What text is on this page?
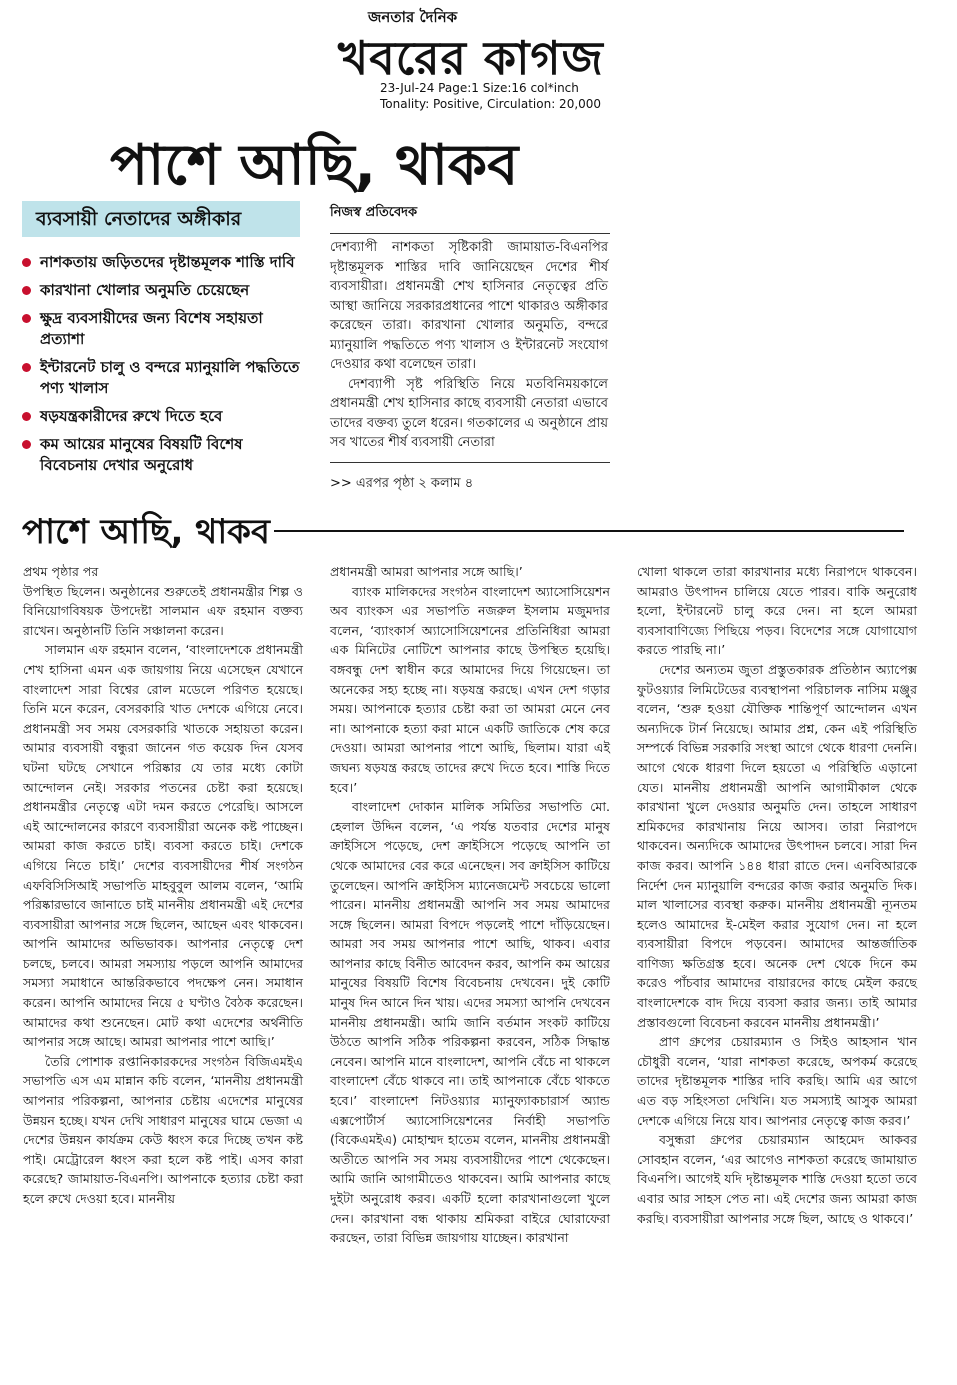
জনতার দৈনিক
খবরের কাগজ
23-Jul-24 Page:1 Size:16 col*inch
Tonality: Positive, Circulation: 20,000
পাশে আছি, থাকব
ব্যবসায়ী নেতাদের অঙ্গীকার
নাশকতায় জড়িতদের দৃষ্টান্তমূলক শাস্তি দাবি
কারখানা খোলার অনুমতি চেয়েছেন
ক্ষুদ্র ব্যবসায়ীদের জন্য বিশেষ সহায়তা প্রত্যাশা
ইন্টারনেট চালু ও বন্দরে ম্যানুয়ালি পদ্ধতিতে পণ্য খালাস
ষড়যন্ত্রকারীদের রুখে দিতে হবে
কম আয়ের মানুষের বিষয়টি বিশেষ বিবেচনায় দেখার অনুরোধ
নিজস্ব প্রতিবেদক

দেশব্যাপী নাশকতা সৃষ্টিকারী জামায়াত-বিএনপির দৃষ্টান্তমূলক শাস্তির দাবি জানিয়েছেন দেশের শীর্ষ ব্যবসায়ীরা। প্রধানমন্ত্রী শেখ হাসিনার নেতৃত্বের প্রতি আস্থা জানিয়ে সরকারপ্রধানের পাশে থাকারও অঙ্গীকার করেছেন তারা। কারখানা খোলার অনুমতি, বন্দরে ম্যানুয়ালি পদ্ধতিতে পণ্য খালাস ও ইন্টারনেট সংযোগ দেওয়ার কথা বলেছেন তারা।

দেশব্যাপী সৃষ্ট পরিস্থিতি নিয়ে মতবিনিময়কালে প্রধানমন্ত্রী শেখ হাসিনার কাছে ব্যবসায়ী নেতারা এভাবে তাদের বক্তব্য তুলে ধরেন। গতকালের এ অনুষ্ঠানে প্রায় সব খাতের শীর্ষ ব্যবসায়ী নেতারা

>> এরপর পৃষ্ঠা ২ কলাম ৪
পাশে আছি, থাকব

প্রথম পৃষ্ঠার পর

উপস্থিত ছিলেন। অনুষ্ঠানের শুরুতেই প্রধানমন্ত্রীর শিল্প ও বিনিয়োগবিষয়ক উপদেষ্টা সালমান এফ রহমান বক্তব্য রাখেন। অনুষ্ঠানটি তিনি সঞ্চালনা করেন।

সালমান এফ রহমান বলেন, ‘বাংলাদেশকে প্রধানমন্ত্রী শেখ হাসিনা এমন এক জায়গায় নিয়ে এসেছেন যেখানে বাংলাদেশ সারা বিশ্বের রোল মডেলে পরিণত হয়েছে। তিনি মনে করেন, বেসরকারি খাত দেশকে এগিয়ে নেবে। প্রধানমন্ত্রী সব সময় বেসরকারি খাতকে সহায়তা করেন। আমার ব্যবসায়ী বন্ধুরা জানেন গত কয়েক দিন যেসব ঘটনা ঘটছে সেখানে পরিষ্কার যে তার মধ্যে কোটা আন্দোলন নেই। সরকার পতনের চেষ্টা করা হয়েছে। প্রধানমন্ত্রীর নেতৃত্বে এটা দমন করতে পেরেছি। আসলে এই আন্দোলনের কারণে ব্যবসায়ীরা অনেক কষ্ট পাচ্ছেন। আমরা কাজ করতে চাই। ব্যবসা করতে চাই। দেশকে এগিয়ে নিতে চাই।’ দেশের ব্যবসায়ীদের শীর্ষ সংগঠন এফবিসিসিআই সভাপতি মাহবুবুল আলম বলেন, ‘আমি পরিষ্কারভাবে জানাতে চাই মাননীয় প্রধানমন্ত্রী এই দেশের ব্যবসায়ীরা আপনার সঙ্গে ছিলেন, আছেন এবং থাকবেন। আপনি আমাদের অভিভাবক। আপনার নেতৃত্বে দেশ চলছে, চলবে। আমরা সমস্যায় পড়লে আপনি আমাদের সমস্যা সমাধানে আন্তরিকভাবে পদক্ষেপ নেন। সমাধান করেন। আপনি আমাদের নিয়ে ৫ ঘণ্টাও বৈঠক করেছেন। আমাদের কথা শুনেছেন। মোট কথা এদেশের অর্থনীতি আপনার সঙ্গে আছে। আমরা আপনার পাশে আছি।’

তৈরি পোশাক রপ্তানিকারকদের সংগঠন বিজিএমইএ সভাপতি এস এম মান্নান কচি বলেন, ‘মাননীয় প্রধানমন্ত্রী আপনার পরিকল্পনা, আপনার চেষ্টায় এদেশের মানুষের উন্নয়ন হচ্ছে। যখন দেখি সাধারণ মানুষের ঘামে ভেজা এ দেশের উন্নয়ন কার্যক্রম কেউ ধ্বংস করে দিচ্ছে তখন কষ্ট পাই। মেট্রোরেল ধ্বংস করা হলে কষ্ট পাই। এসব কারা করেছে? জামায়াত-বিএনপি। আপনাকে হত্যার চেষ্টা করা হলে রুখে দেওয়া হবে। মাননীয়

প্রধানমন্ত্রী আমরা আপনার সঙ্গে আছি।’

ব্যাংক মালিকদের সংগঠন বাংলাদেশ অ্যাসোসিয়েশন অব ব্যাংকস এর সভাপতি নজরুল ইসলাম মজুমদার বলেন, ‘ব্যাংকার্স অ্যাসোসিয়েশনের প্রতিনিধিরা আমরা এক মিনিটের নোটিশে আপনার কাছে উপস্থিত হয়েছি। বঙ্গবন্ধু দেশ স্বাধীন করে আমাদের দিয়ে গিয়েছেন। তা অনেকের সহ্য হচ্ছে না। ষড়যন্ত্র করছে। এখন দেশ গড়ার সময়। আপনাকে হত্যার চেষ্টা করা তা আমরা মেনে নেব না। আপনাকে হত্যা করা মানে একটি জাতিকে শেষ করে দেওয়া। আমরা আপনার পাশে আছি, ছিলাম। যারা এই জঘন্য ষড়যন্ত্র করছে তাদের রুখে দিতে হবে। শাস্তি দিতে হবে।’

বাংলাদেশ দোকান মালিক সমিতির সভাপতি মো. হেলাল উদ্দিন বলেন, ‘এ পর্যন্ত যতবার দেশের মানুষ ক্রাইসিসে পড়েছে, দেশ ক্রাইসিসে পড়েছে আপনি তা থেকে আমাদের বের করে এনেছেন। সব ক্রাইসিস কাটিয়ে তুলেছেন। আপনি ক্রাইসিস ম্যানেজমেন্ট সবচেয়ে ভালো পারেন। মাননীয় প্রধানমন্ত্রী আপনি সব সময় আমাদের সঙ্গে ছিলেন। আমরা বিপদে পড়লেই পাশে দাঁড়িয়েছেন। আমরা সব সময় আপনার পাশে আছি, থাকব। এবার আপনার কাছে বিনীত আবেদন করব, আপনি কম আয়ের মানুষের বিষয়টি বিশেষ বিবেচনায় দেখবেন। দুই কোটি মানুষ দিন আনে দিন খায়। এদের সমস্যা আপনি দেখবেন মাননীয় প্রধানমন্ত্রী। আমি জানি বর্তমান সংকট কাটিয়ে উঠতে আপনি সঠিক পরিকল্পনা করবেন, সঠিক সিদ্ধান্ত নেবেন। আপনি মানে বাংলাদেশ, আপনি বেঁচে না থাকলে বাংলাদেশ বেঁচে থাকবে না। তাই আপনাকে বেঁচে থাকতে হবে।’ বাংলাদেশ নিটওয়্যার ম্যানুফ্যাকচারার্স অ্যান্ড এক্সপোর্টার্স অ্যাসোসিয়েশনের নির্বাহী সভাপতি (বিকেএমইএ) মোহাম্মদ হাতেম বলেন, মাননীয় প্রধানমন্ত্রী অতীতে আপনি সব সময় ব্যবসায়ীদের পাশে থেকেছেন। আমি জানি আগামীতেও থাকবেন। আমি আপনার কাছে দুইটা অনুরোধ করব। একটি হলো কারখানাগুলো খুলে দেন। কারখানা বন্ধ থাকায় শ্রমিকরা বাইরে ঘোরাফেরা করছেন, তারা বিভিন্ন জায়গায় যাচ্ছেন। কারখানা

খোলা থাকলে তারা কারখানার মধ্যে নিরাপদে থাকবেন। আমরাও উৎপাদন চালিয়ে যেতে পারব। বাকি অনুরোধ হলো, ইন্টারনেট চালু করে দেন। না হলে আমরা ব্যবসাবাণিজ্যে পিছিয়ে পড়ব। বিদেশের সঙ্গে যোগাযোগ করতে পারছি না।’

দেশের অন্যতম জুতা প্রস্তুতকারক প্রতিষ্ঠান অ্যাপেক্স ফুটওয়্যার লিমিটেডের ব্যবস্থাপনা পরিচালক নাসিম মঞ্জুর বলেন, ‘শুরু হওয়া যৌক্তিক শান্তিপূর্ণ আন্দোলন এখন অন্যদিকে টার্ন নিয়েছে। আমার প্রশ্ন, কেন এই পরিস্থিতি সম্পর্কে বিভিন্ন সরকারি সংস্থা আগে থেকে ধারণা দেননি। আগে থেকে ধারণা দিলে হয়তো এ পরিস্থিতি এড়ানো যেত। মাননীয় প্রধানমন্ত্রী আপনি আগামীকাল থেকে কারখানা খুলে দেওয়ার অনুমতি দেন। তাহলে সাধারণ শ্রমিকদের কারখানায় নিয়ে আসব। তারা নিরাপদে থাকবেন। অন্যদিকে আমাদের উৎপাদন চলবে। সারা দিন কাজ করব। আপনি ১৪৪ ধারা রাতে দেন। এনবিআরকে নির্দেশ দেন ম্যানুয়ালি বন্দরের কাজ করার অনুমতি দিক। মাল খালাসের ব্যবস্থা করুক। মাননীয় প্রধানমন্ত্রী ন্যূনতম হলেও আমাদের ই-মেইল করার সুযোগ দেন। না হলে ব্যবসায়ীরা বিপদে পড়বেন। আমাদের আন্তর্জাতিক বাণিজ্য ক্ষতিগ্রস্ত হবে। অনেক দেশ থেকে দিনে কম করেও পাঁচবার আমাদের বায়ারদের কাছে মেইল করছে বাংলাদেশকে বাদ দিয়ে ব্যবসা করার জন্য। তাই আমার প্রস্তাবগুলো বিবেচনা করবেন মাননীয় প্রধানমন্ত্রী।’

প্রাণ গ্রুপের চেয়ারম্যান ও সিইও আহসান খান চৌধুরী বলেন, ‘যারা নাশকতা করেছে, অপকর্ম করেছে তাদের দৃষ্টান্তমূলক শাস্তির দাবি করছি। আমি এর আগে এত বড় সহিংসতা দেখিনি। যত সমস্যাই আসুক আমরা দেশকে এগিয়ে নিয়ে যাব। আপনার নেতৃত্বে কাজ করব।’

বসুন্ধরা গ্রুপের চেয়ারম্যান আহমেদ আকবর সোবহান বলেন, ‘এর আগেও নাশকতা করেছে জামায়াত বিএনপি। আগেই যদি দৃষ্টান্তমূলক শাস্তি দেওয়া হতো তবে এবার আর সাহস পেত না। এই দেশের জন্য আমরা কাজ করছি। ব্যবসায়ীরা আপনার সঙ্গে ছিল, আছে ও থাকবে।’
